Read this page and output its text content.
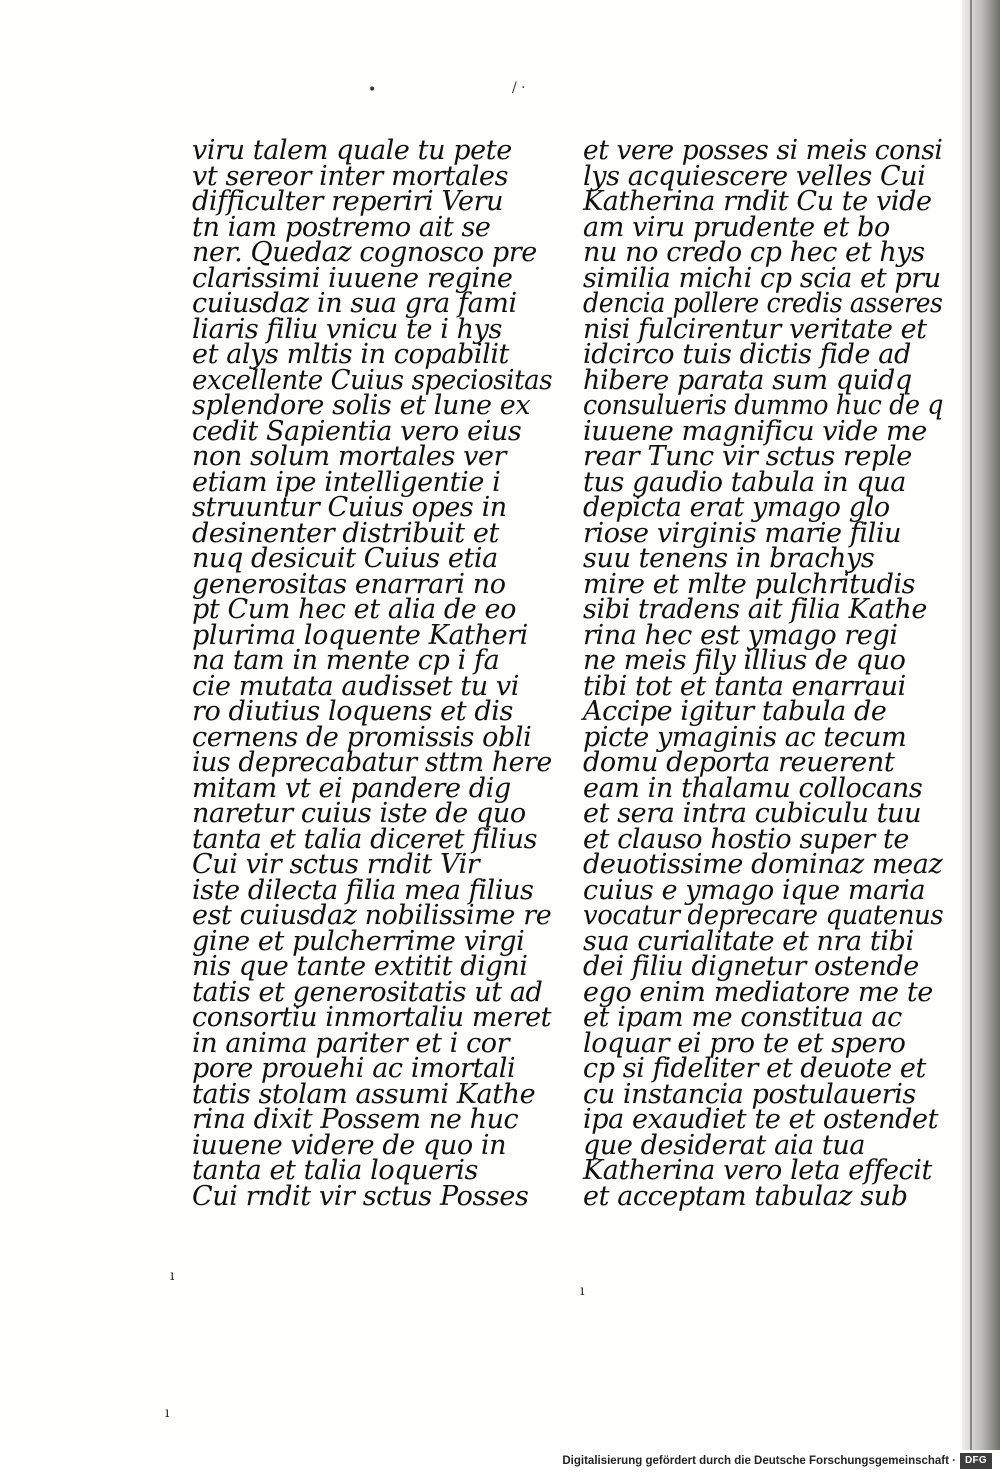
•	/ ·
ı
ı
ı
viru talem quale tu pete
vt sereor inter mortales
difficulter reperiri Veru
tn iam postremo ait se
ner. Quedaz cognosco pre
clarissimi iuuene regine
cuiusdaz in sua gra fami
liaris filiu vnicu te i hys
et alys mltis in copabilit
excellente Cuius speciositas
splendore solis et lune ex
cedit Sapientia vero eius
non solum mortales ver
etiam ipe intelligentie i
struuntur Cuius opes in
desinenter distribuit et
nuq desicuit Cuius etia
generositas enarrari no
pt Cum hec et alia de eo
plurima loquente Katheri
na tam in mente cp i fa
cie mutata audisset tu vi
ro diutius loquens et dis
cernens de promissis obli
ius deprecabatur sttm here
mitam vt ei pandere dig
naretur cuius iste de quo
tanta et talia diceret filius
Cui vir sctus rndit Vir
iste dilecta filia mea filius
est cuiusdaz nobilissime re
gine et pulcherrime virgi
nis que tante extitit digni
tatis et generositatis ut ad
consortiu inmortaliu meret
in anima pariter et i cor
pore prouehi ac imortali
tatis stolam assumi Kathe
rina dixit Possem ne huc
iuuene videre de quo in
tanta et talia loqueris
Cui rndit vir sctus Posses
et vere posses si meis consi
lys acquiescere velles Cui
Katherina rndit Cu te vide
am viru prudente et bo
nu no credo cp hec et hys
similia michi cp scia et pru
dencia pollere credis asseres
nisi fulcirentur veritate et
idcirco tuis dictis fide ad
hibere parata sum quidq
consulueris dummo huc de q
iuuene magnificu vide me
rear Tunc vir sctus reple
tus gaudio tabula in qua
depicta erat ymago glo
riose virginis marie filiu
suu tenens in brachys
mire et mlte pulchritudis
sibi tradens ait filia Kathe
rina hec est ymago regi
ne meis fily illius de quo
tibi tot et tanta enarraui
Accipe igitur tabula de
picte ymaginis ac tecum
domu deporta reuerent
eam in thalamu collocans
et sera intra cubiculu tuu
et clauso hostio super te
deuotissime dominaz meaz
cuius e ymago ique maria
vocatur deprecare quatenus
sua curialitate et nra tibi
dei filiu dignetur ostende
ego enim mediatore me te
et ipam me constitua ac
loquar ei pro te et spero
cp si fideliter et deuote et
cu instancia postulaueris
ipa exaudiet te et ostendet
que desiderat aia tua
Katherina vero leta effecit
et acceptam tabulaz sub
Digitalisierung gefördert durch die Deutsche Forschungsgemeinschaft · DFG
